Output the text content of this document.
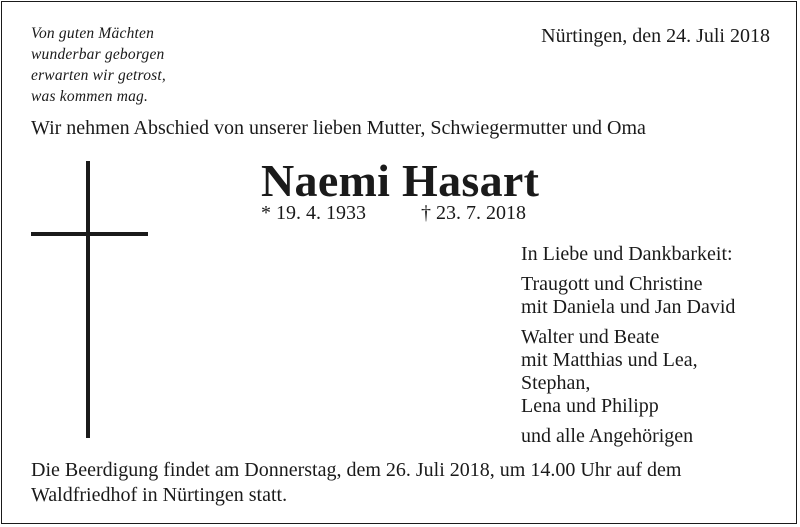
Von guten Mächten
wunderbar geborgen
erwarten wir getrost,
was kommen mag.
Nürtingen, den 24. Juli 2018
Wir nehmen Abschied von unserer lieben Mutter, Schwiegermutter und Oma
Naemi Hasart
* 19. 4. 1933	† 23. 7. 2018
In Liebe und Dankbarkeit:
Traugott und Christine
mit Daniela und Jan David
Walter und Beate
mit Matthias und Lea,
Stephan,
Lena und Philipp
und alle Angehörigen
Die Beerdigung findet am Donnerstag, dem 26. Juli 2018, um 14.00 Uhr auf dem
Waldfriedhof in Nürtingen statt.
